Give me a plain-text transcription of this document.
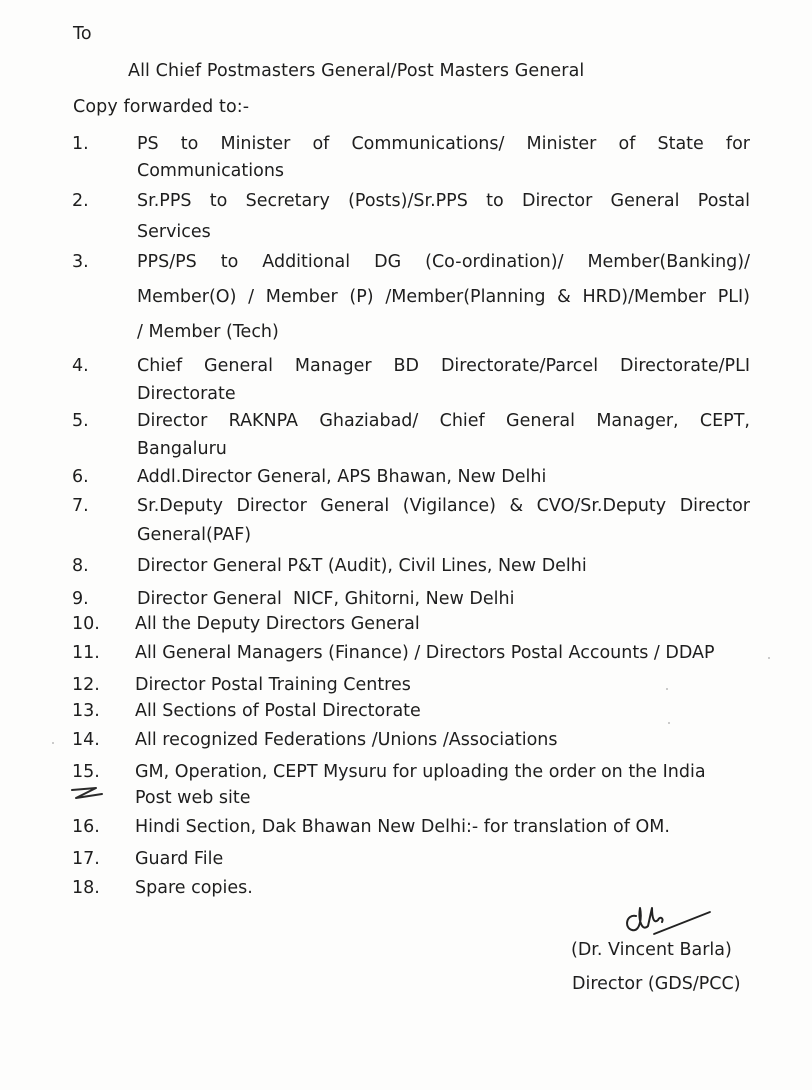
To
All Chief Postmasters General/Post Masters General
Copy forwarded to:-
1.	PS to Minister of Communications/ Minister of State for
Communications
2.	Sr.PPS to Secretary (Posts)/Sr.PPS to Director General Postal
Services
3.	PPS/PS to Additional DG (Co-ordination)/ Member(Banking)/
Member(O) / Member (P) /Member(Planning & HRD)/Member PLI)
/ Member (Tech)
4.	Chief General Manager BD Directorate/Parcel Directorate/PLI
Directorate
5.	Director RAKNPA Ghaziabad/ Chief General Manager, CEPT,
Bangaluru
6.	Addl.Director General, APS Bhawan, New Delhi
7.	Sr.Deputy Director General (Vigilance) & CVO/Sr.Deputy Director
General(PAF)
8.	Director General P&T (Audit), Civil Lines, New Delhi
9.	Director General  NICF, Ghitorni, New Delhi
10. All the Deputy Directors General
11. All General Managers (Finance) / Directors Postal Accounts / DDAP
12. Director Postal Training Centres
13. All Sections of Postal Directorate
14. All recognized Federations /Unions /Associations
15. GM, Operation, CEPT Mysuru for uploading the order on the India
Post web site
16. Hindi Section, Dak Bhawan New Delhi:- for translation of OM.
17. Guard File
18. Spare copies.
(Dr. Vincent Barla)
Director (GDS/PCC)
